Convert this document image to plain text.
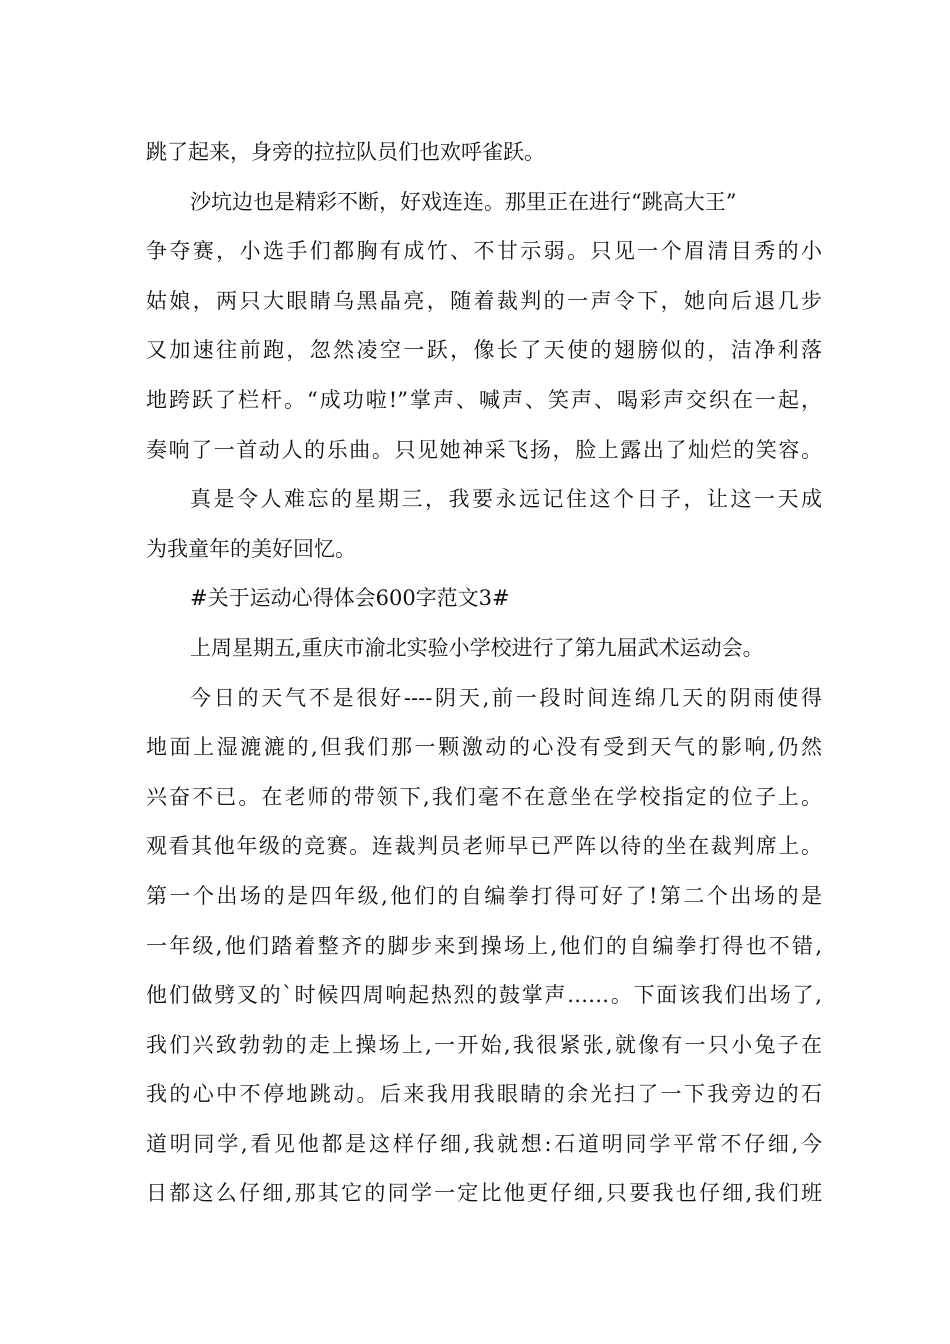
跳了起来，身旁的拉拉队员们也欢呼雀跃。
沙坑边也是精彩不断，好戏连连。那里正在进行“跳高大王”
争夺赛，小选手们都胸有成竹、不甘示弱。只见一个眉清目秀的小
姑娘，两只大眼睛乌黑晶亮，随着裁判的一声令下，她向后退几步
又加速往前跑，忽然凌空一跃，像长了天使的翅膀似的，洁净利落
地跨跃了栏杆。“成功啦!”掌声、喊声、笑声、喝彩声交织在一起，
奏响了一首动人的乐曲。只见她神采飞扬，脸上露出了灿烂的笑容。
真是令人难忘的星期三，我要永远记住这个日子，让这一天成
为我童年的美好回忆。
#关于运动心得体会600字范文3#
上周星期五,重庆市渝北实验小学校进行了第九届武术运动会。
今日的天气不是很好----阴天,前一段时间连绵几天的阴雨使得
地面上湿漉漉的,但我们那一颗激动的心没有受到天气的影响,仍然
兴奋不已。在老师的带领下,我们毫不在意坐在学校指定的位子上。
观看其他年级的竞赛。连裁判员老师早已严阵以待的坐在裁判席上。
第一个出场的是四年级,他们的自编拳打得可好了!第二个出场的是
一年级,他们踏着整齐的脚步来到操场上,他们的自编拳打得也不错,
他们做劈叉的`时候四周响起热烈的鼓掌声……。下面该我们出场了,
我们兴致勃勃的走上操场上,一开始,我很紧张,就像有一只小兔子在
我的心中不停地跳动。后来我用我眼睛的余光扫了一下我旁边的石
道明同学,看见他都是这样仔细,我就想:石道明同学平常不仔细,今
日都这么仔细,那其它的同学一定比他更仔细,只要我也仔细,我们班
